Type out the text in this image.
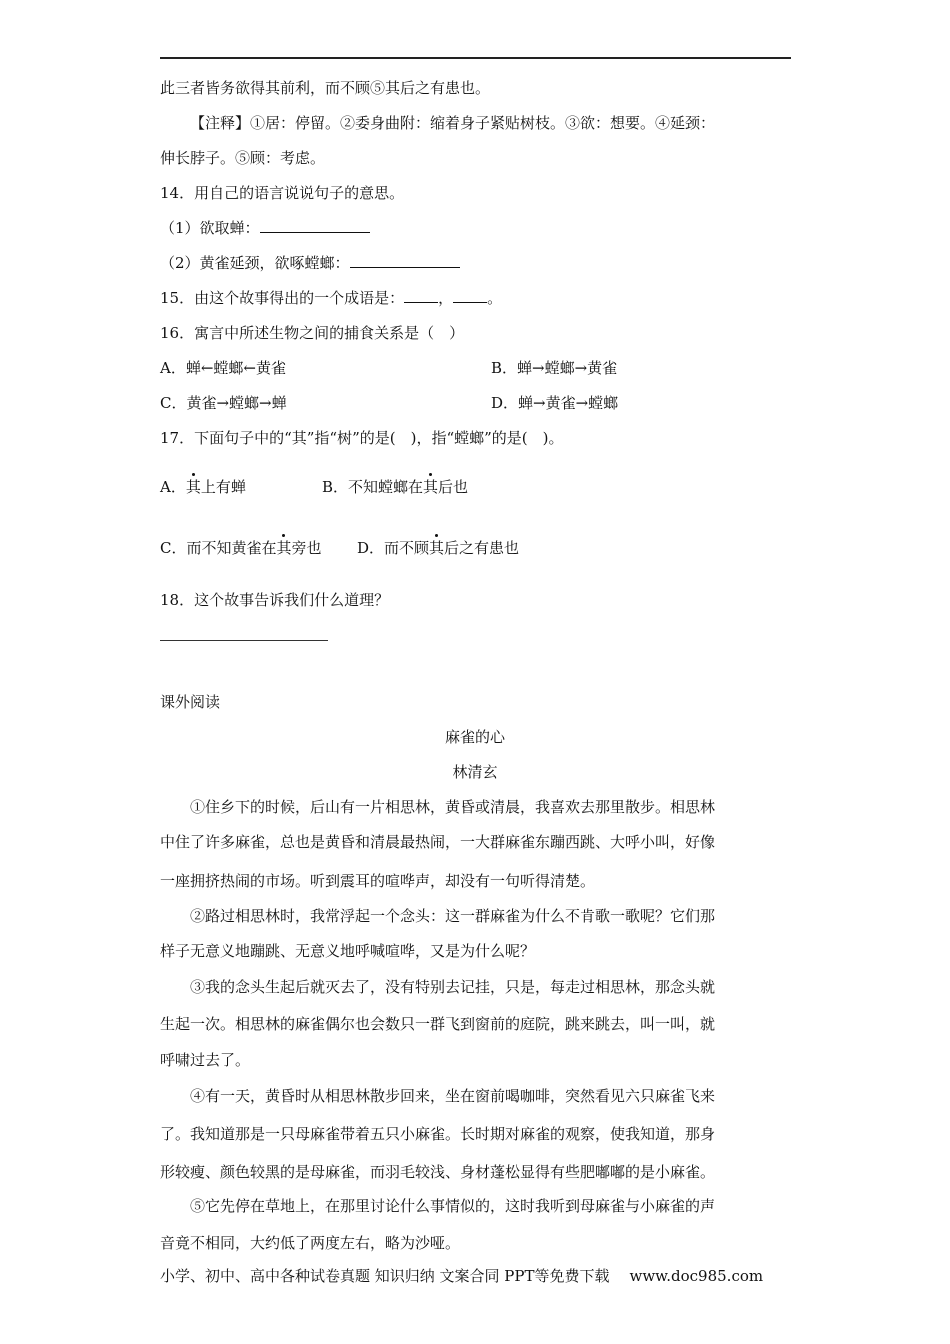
此三者皆务欲得其前利，而不顾⑤其后之有患也。
【注释】①居：停留。②委身曲附：缩着身子紧贴树枝。③欲：想要。④延颈：
伸长脖子。⑤顾：考虑。
14．用自己的语言说说句子的意思。
（1）欲取蝉：
（2）黄雀延颈，欲啄螳螂：
15．由这个故事得出的一个成语是： ， 。
16．寓言中所述生物之间的捕食关系是（　）
A．蝉←螳螂←黄雀	B．蝉→螳螂→黄雀
C．黄雀→螳螂→蝉	D．蝉→黄雀→螳螂
17．下面句子中的“其”指“树”的是(　)，指“螳螂”的是(　)。
A．其上有蝉	B．不知螳螂在其后也
C．而不知黄雀在其旁也 D．而不顾其后之有患也
18．这个故事告诉我们什么道理？
课外阅读
麻雀的心
林清玄
①住乡下的时候，后山有一片相思林，黄昏或清晨，我喜欢去那里散步。相思林
中住了许多麻雀，总也是黄昏和清晨最热闹，一大群麻雀东蹦西跳、大呼小叫，好像
一座拥挤热闹的市场。听到震耳的喧哗声，却没有一句听得清楚。
②路过相思林时，我常浮起一个念头：这一群麻雀为什么不肯歌一歌呢？它们那
样子无意义地蹦跳、无意义地呼喊喧哗，又是为什么呢？
③我的念头生起后就灭去了，没有特别去记挂，只是，每走过相思林，那念头就
生起一次。相思林的麻雀偶尔也会数只一群飞到窗前的庭院，跳来跳去，叫一叫，就
呼啸过去了。
④有一天，黄昏时从相思林散步回来，坐在窗前喝咖啡，突然看见六只麻雀飞来
了。我知道那是一只母麻雀带着五只小麻雀。长时期对麻雀的观察，使我知道，那身
形较瘦、颜色较黑的是母麻雀，而羽毛较浅、身材蓬松显得有些肥嘟嘟的是小麻雀。
⑤它先停在草地上，在那里讨论什么事情似的，这时我听到母麻雀与小麻雀的声
音竟不相同，大约低了两度左右，略为沙哑。
小学、初中、高中各种试卷真题 知识归纳 文案合同 PPT等免费下载 www.doc985.com
